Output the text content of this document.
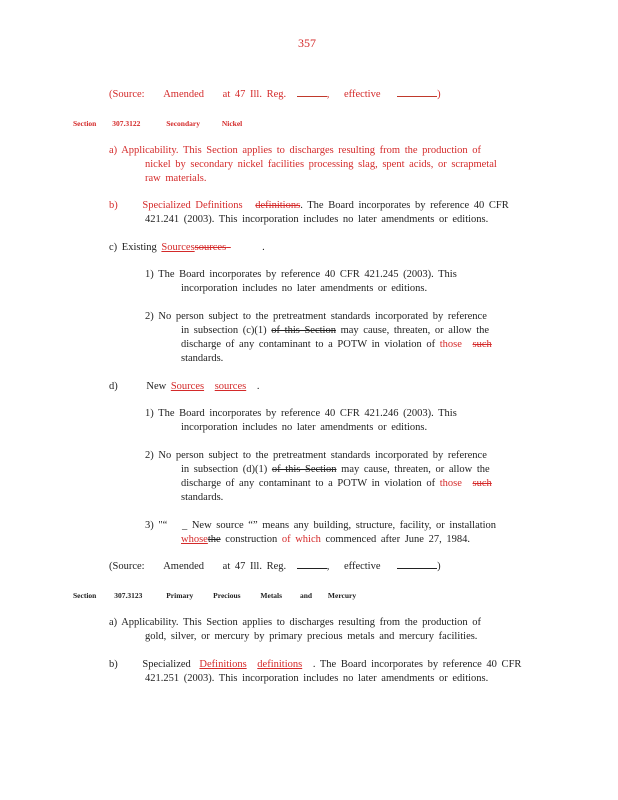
357
(Source: Amended at 47 Ill. Reg.	, effective	)
Section 307.3122	Secondary	Nickel
a) Applicability. This Section applies to discharges resulting from the production of
nickel by secondary nickel facilities processing slag, spent acids, or scrapmetal
raw materials.
b) Specialized Definitions definitions. The Board incorporates by reference 40 CFR
421.241 (2003). This incorporation includes no later amendments or editions.
c) Existing Sourcessources	.
1) The Board incorporates by reference 40 CFR 421.245 (2003). This
incorporation includes no later amendments or editions.
2) No person subject to the pretreatment standards incorporated by reference
in subsection (c)(1) of this Section may cause, threaten, or allow the
discharge of any contaminant to a POTW in violation of those such
standards.
d)	New Sources sources .
1) The Board incorporates by reference 40 CFR 421.246 (2003). This
incorporation includes no later amendments or editions.
2) No person subject to the pretreatment standards incorporated by reference
in subsection (d)(1) of this Section may cause, threaten, or allow the
discharge of any contaminant to a POTW in violation of those such
standards.
3) "“ _ New source “” means any building, structure, facility, or installation
whosethe construction of which commenced after June 27, 1984.
(Source: Amended at 47 Ill. Reg.	, effective	)
Section 307.3123	Primary	Precious	Metals and Mercury
a) Applicability. This Section applies to discharges resulting from the production of
gold, silver, or mercury by primary precious metals and mercury facilities.
b) Specialized Definitions definitions . The Board incorporates by reference 40 CFR
421.251 (2003). This incorporation includes no later amendments or editions.
